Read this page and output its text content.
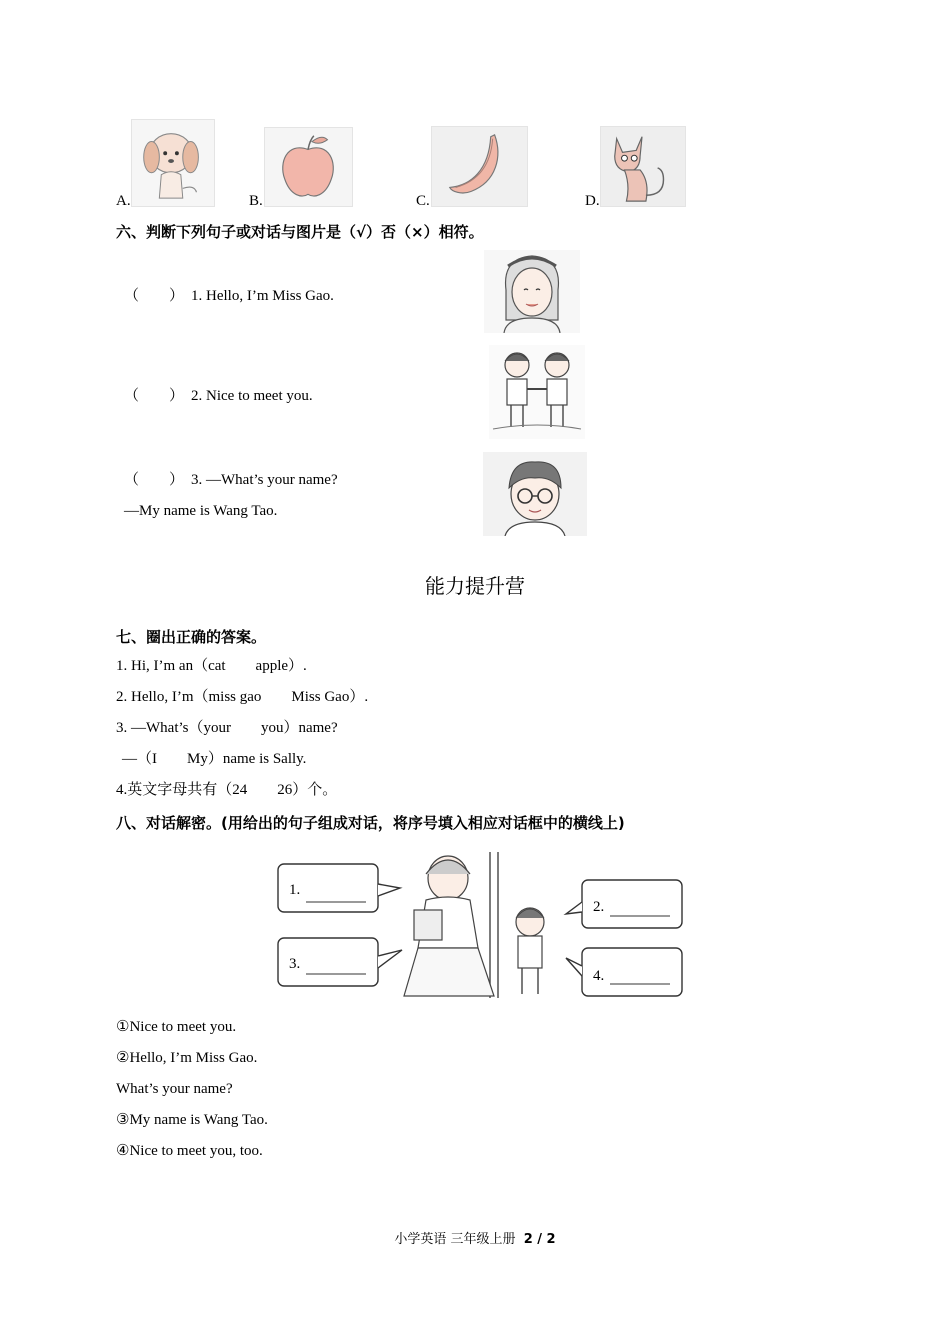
A.	B.	C.	D.
六、判断下列句子或对话与图片是（√）否（×）相符。
（　　） 1. Hello, I’m Miss Gao.
（　　） 2. Nice to meet you.
（　　） 3. —What’s your name?
—My name is Wang Tao.
能力提升营
七、圈出正确的答案。
1. Hi, I’m an（cat　　apple）.
2. Hello, I’m（miss gao　　Miss Gao）.
3. —What’s（your　　you）name?
—（I　　My）name is Sally.
4.英文字母共有（24　　26）个。
八、对话解密。(用给出的句子组成对话，将序号填入相应对话框中的横线上)
1.
2.
3.
4.
①Nice to meet you.
②Hello, I’m Miss Gao.
What’s your name?
③My name is Wang Tao.
④Nice to meet you, too.
小学英语 三年级上册 2 / 2
